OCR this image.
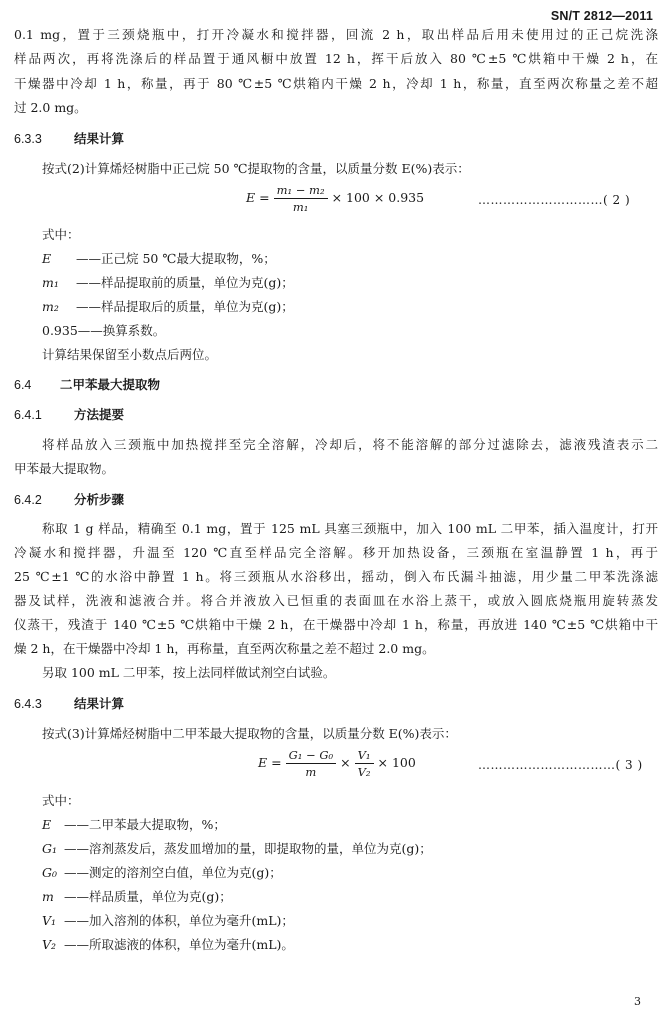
SN/T 2812—2011
0.1 mg，置于三颈烧瓶中，打开冷凝水和搅拌器，回流 2 h，取出样品后用未使用过的正己烷洗涤
样品两次，再将洗涤后的样品置于通风橱中放置 12 h，挥干后放入 80 ℃±5 ℃烘箱中干燥 2 h，在
干燥器中冷却 1 h，称量，再于 80 ℃±5 ℃烘箱内干燥 2 h，冷却 1 h，称量，直至两次称量之差不超
过 2.0 mg。
6.3.3	结果计算
按式(2)计算烯烃树脂中正己烷 50 ℃提取物的含量，以质量分数 E(%)表示：
$E = \frac{\text{m₁ − m₂}}{\text{m₁}} \times 100 \times 0.935$	…………………………( 2 )
式中：
E ——正己烷 50 ℃最大提取物，%；
m₁ ——样品提取前的质量，单位为克(g)；
m₂ ——样品提取后的质量，单位为克(g)；
0.935——换算系数。
计算结果保留至小数点后两位。
6.4 二甲苯最大提取物
6.4.1	方法提要
将样品放入三颈瓶中加热搅拌至完全溶解，冷却后，将不能溶解的部分过滤除去，滤液残渣表示二
甲苯最大提取物。
6.4.2	分析步骤
称取 1 g 样品，精确至 0.1 mg，置于 125 mL 具塞三颈瓶中，加入 100 mL 二甲苯，插入温度计，打开
冷凝水和搅拌器，升温至 120 ℃直至样品完全溶解。移开加热设备，三颈瓶在室温静置 1 h，再于
25 ℃±1 ℃的水浴中静置 1 h。将三颈瓶从水浴移出，摇动，倒入布氏漏斗抽滤，用少量二甲苯洗涤滤
器及试样，洗液和滤液合并。将合并液放入已恒重的表面皿在水浴上蒸干，或放入圆底烧瓶用旋转蒸发
仪蒸干，残渣于 140 ℃±5 ℃烘箱中干燥 2 h，在干燥器中冷却 1 h，称量，再放进 140 ℃±5 ℃烘箱中干
燥 2 h，在干燥器中冷却 1 h，再称量，直至两次称量之差不超过 2.0 mg。
另取 100 mL 二甲苯，按上法同样做试剂空白试验。
6.4.3	结果计算
按式(3)计算烯烃树脂中二甲苯最大提取物的含量，以质量分数 E(%)表示：
$E = \frac{\text{G₁ − G₀}}{m} \times \frac{\text{V₁}}{\text{V₂}} \times 100$	……………………………( 3 )
式中：
E ——二甲苯最大提取物，%；
G₁ ——溶剂蒸发后，蒸发皿增加的量，即提取物的量，单位为克(g)；
G₀ ——测定的溶剂空白值，单位为克(g)；
m ——样品质量，单位为克(g)；
V₁ ——加入溶剂的体积，单位为毫升(mL)；
V₂ ——所取滤液的体积，单位为毫升(mL)。
3
